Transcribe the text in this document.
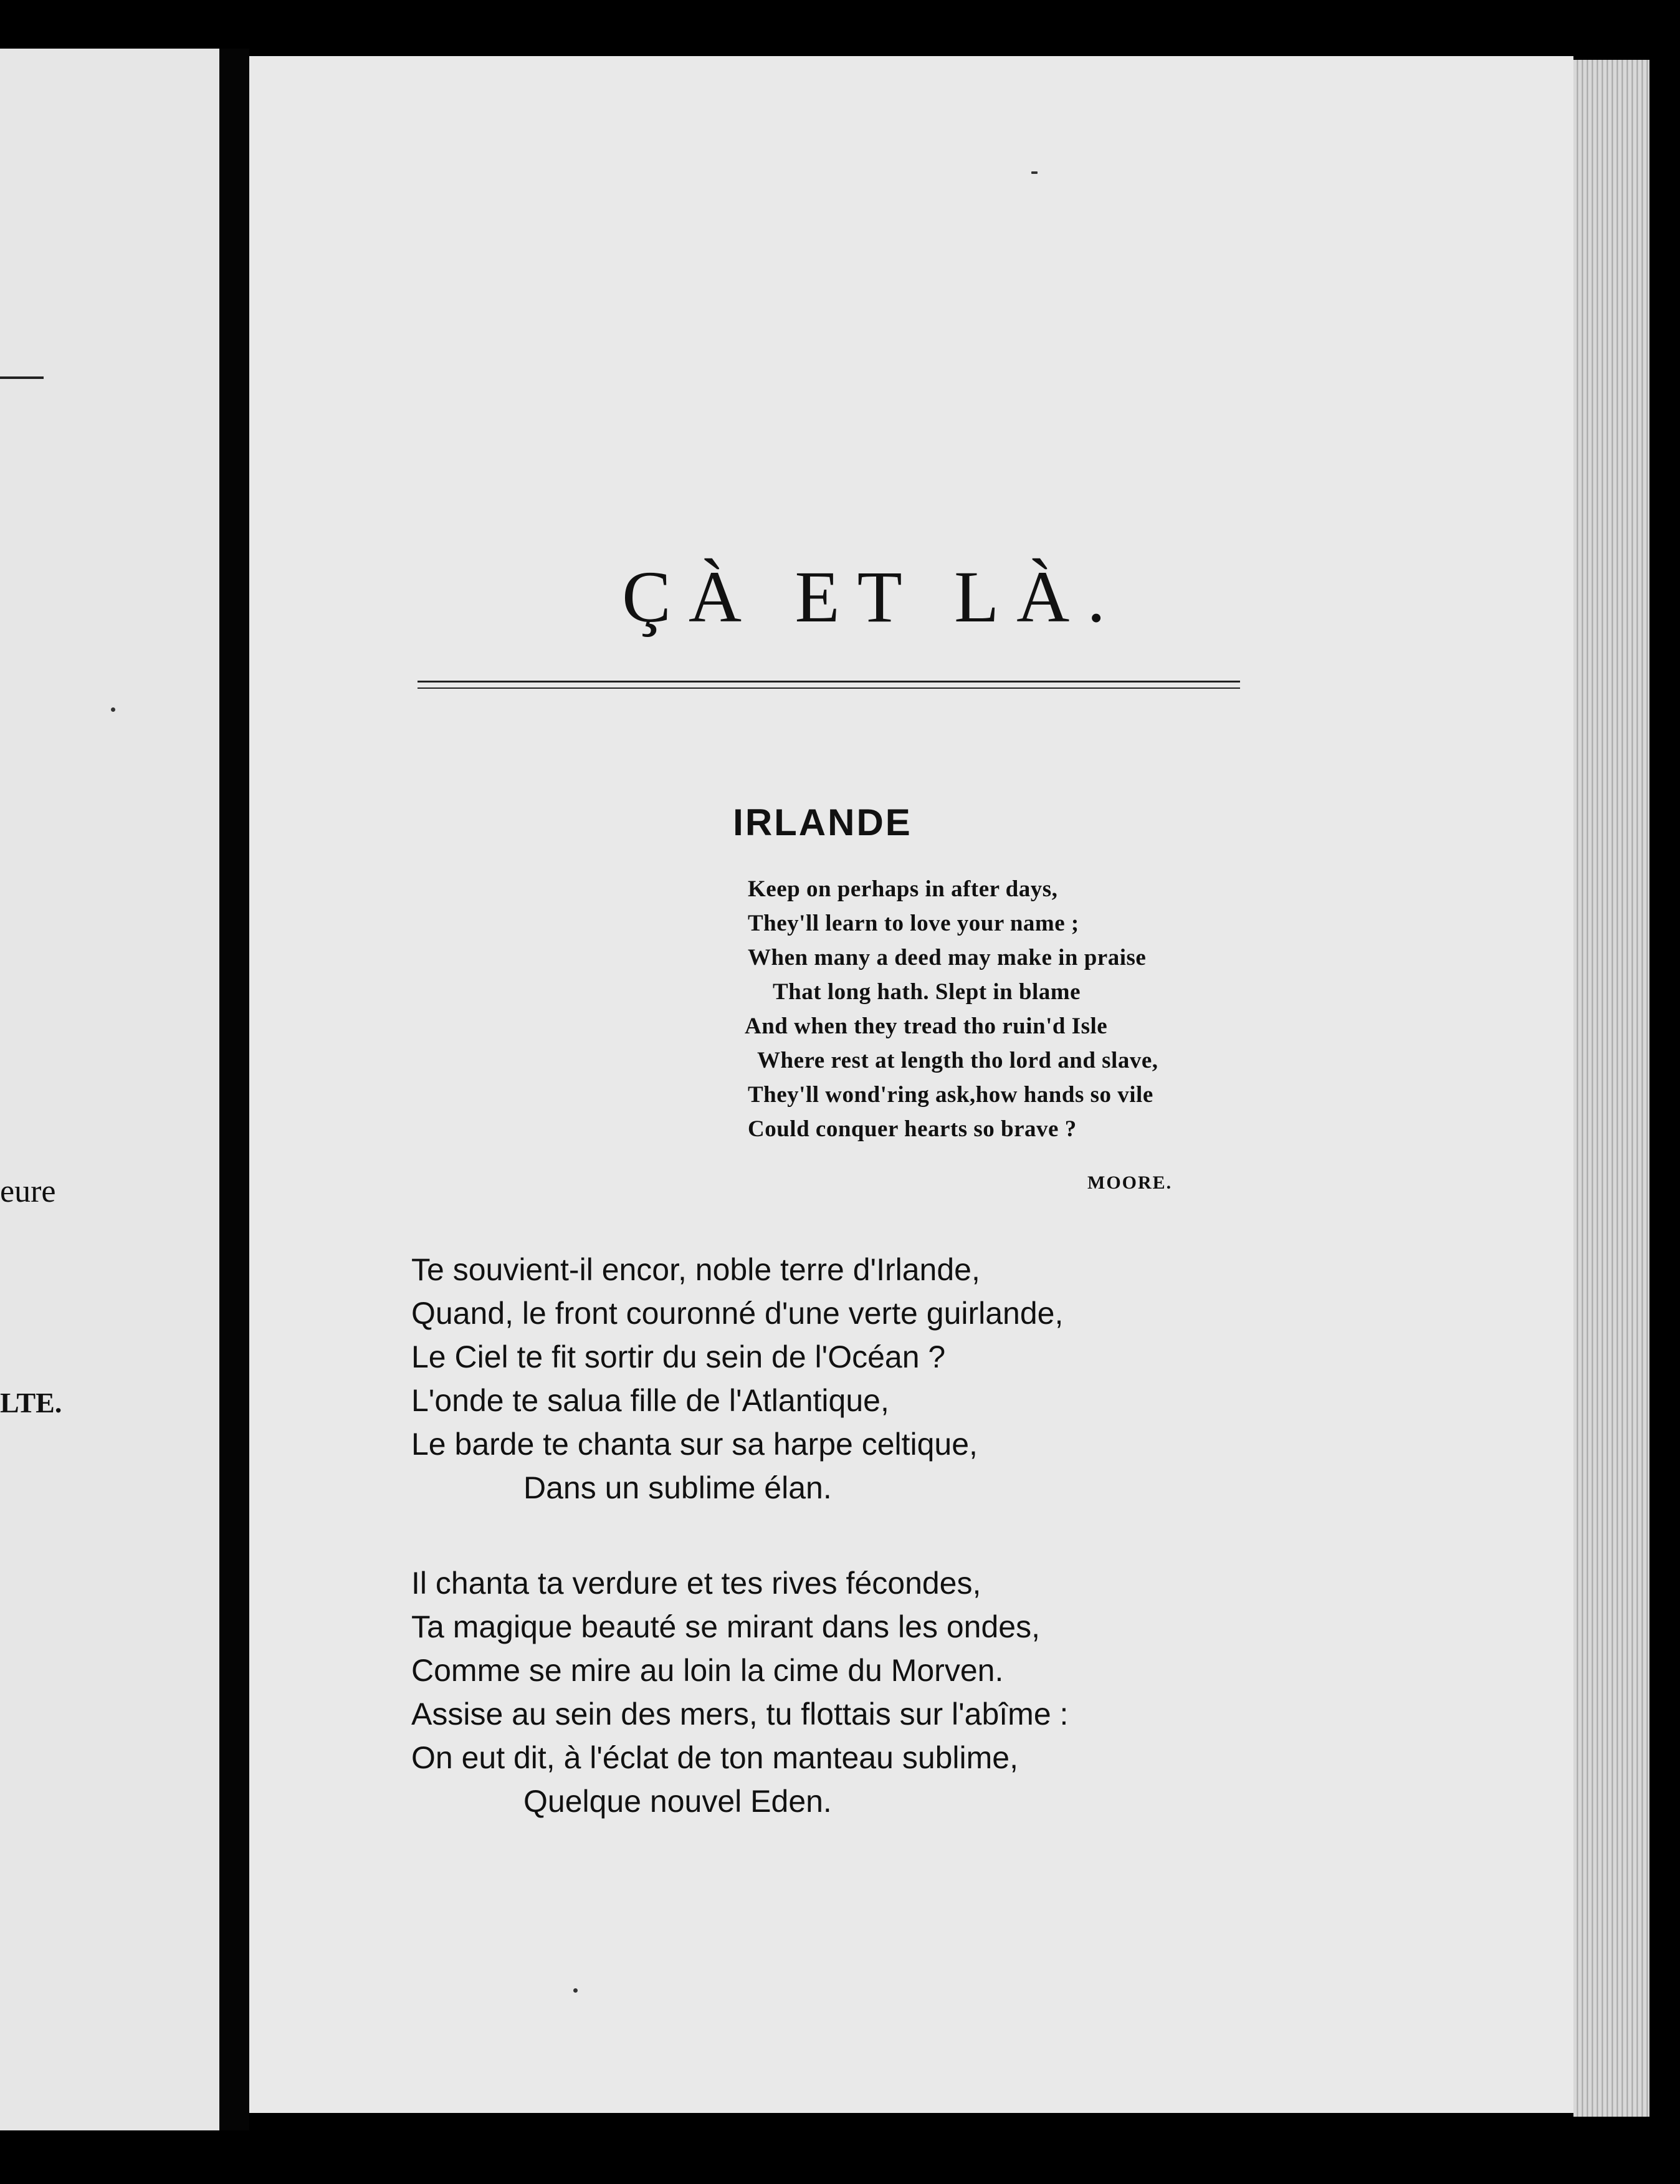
eure
LTE.
ÇÀ ET LÀ.
IRLANDE
Keep on perhaps in after days,
They'll learn to love your name ;
When many a deed may make in praise
That long hath. Slept in blame
And when they tread tho ruin'd Isle
Where rest at length tho lord and slave,
They'll wond'ring ask,how hands so vile
Could conquer hearts so brave ?
MOORE.
Te souvient-il encor, noble terre d'Irlande,
Quand, le front couronné d'une verte guirlande,
Le Ciel te fit sortir du sein de l'Océan ?
L'onde te salua fille de l'Atlantique,
Le barde te chanta sur sa harpe celtique,
Dans un sublime élan.
Il chanta ta verdure et tes rives fécondes,
Ta magique beauté se mirant dans les ondes,
Comme se mire au loin la cime du Morven.
Assise au sein des mers, tu flottais sur l'abîme :
On eut dit, à l'éclat de ton manteau sublime,
Quelque nouvel Eden.
